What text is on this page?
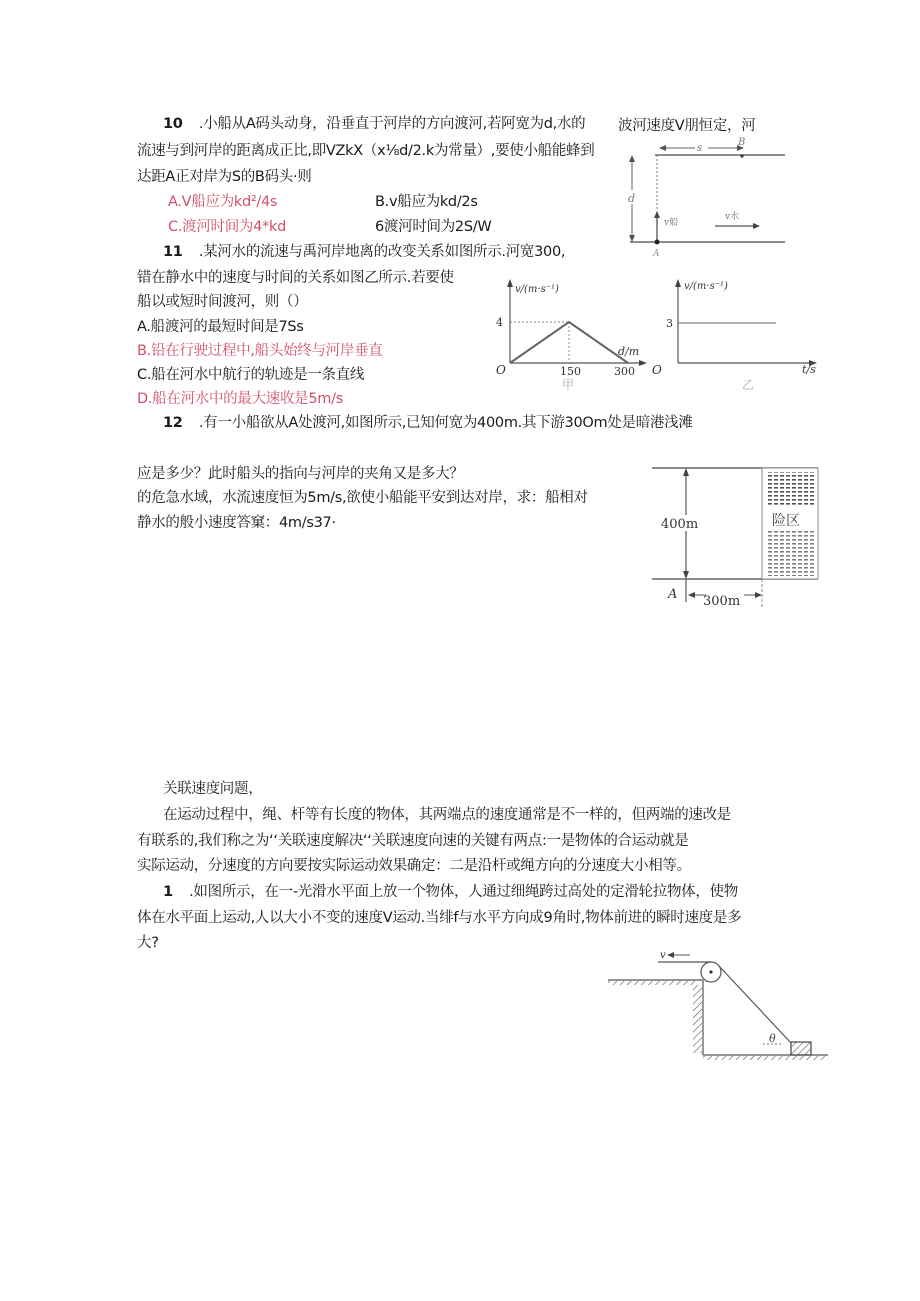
10 .小船从A码头动身，沿垂直于河岸的方向渡河,若阿宽为d,水的 波河速度V朋恒定，河
流速与到河岸的距离成正比,即VZkX（x⅛d/2.k为常量）,要使小船能蜂到
达距A正对岸为S的B码头·则
A.V船应为kd²/4s	B.v船应为kd/2s
C.渡河时间为4*kd	6渡河时间为2S/W
d
s
B
v船
v水
A
11 .某河水的流速与禹河岸地离的改变关系如图所示.河宽300,
错在静水中的速度与时间的关系如图乙所示.若要使
船以或短时间渡河，则（）
A.船渡河的最短时间是7Ss
B.铅在行驶过程中,船头始终与河岸垂直
C.船在河水中航行的轨迹是一条直线
D.船在河水中的最大速收是5m/s
v/(m·s⁻¹)
4
d/m
O	150	300
甲
v/(m·s⁻¹)
3
O	t/s
乙
12 .有一小船欲从A处渡河,如图所示,已知何宽为400m.其下游30Om处是暗港浅滩
应是多少？此时船头的指向与河岸的夹角又是多大？
的危急水域，水流速度恒为5m/s,欲使小船能平安到达对岸，求：船相对
静水的般小速度答窠：4m/s37·	险区
400m
300m
A
关联速度问题，
在运动过程中，绳、杆等有长度的物体，其两端点的速度通常是不一样的，但两端的速改是
有联系的,我们称之为‘‘关联速度解决‘‘关联速度向速的关键有两点:一是物体的合运动就是
实际运动，分速度的方向要按实际运动效果确定：二是沿杆或绳方向的分速度大小相等。
1 .如图所示，在一-光滑水平面上放一个物体，人通过细绳跨过高处的定滑轮拉物体，使物
体在水平面上运动,人以大小不变的速度V运动.当绯f与水平方向成9角时,物体前进的瞬时速度是多
大?
v
θ
